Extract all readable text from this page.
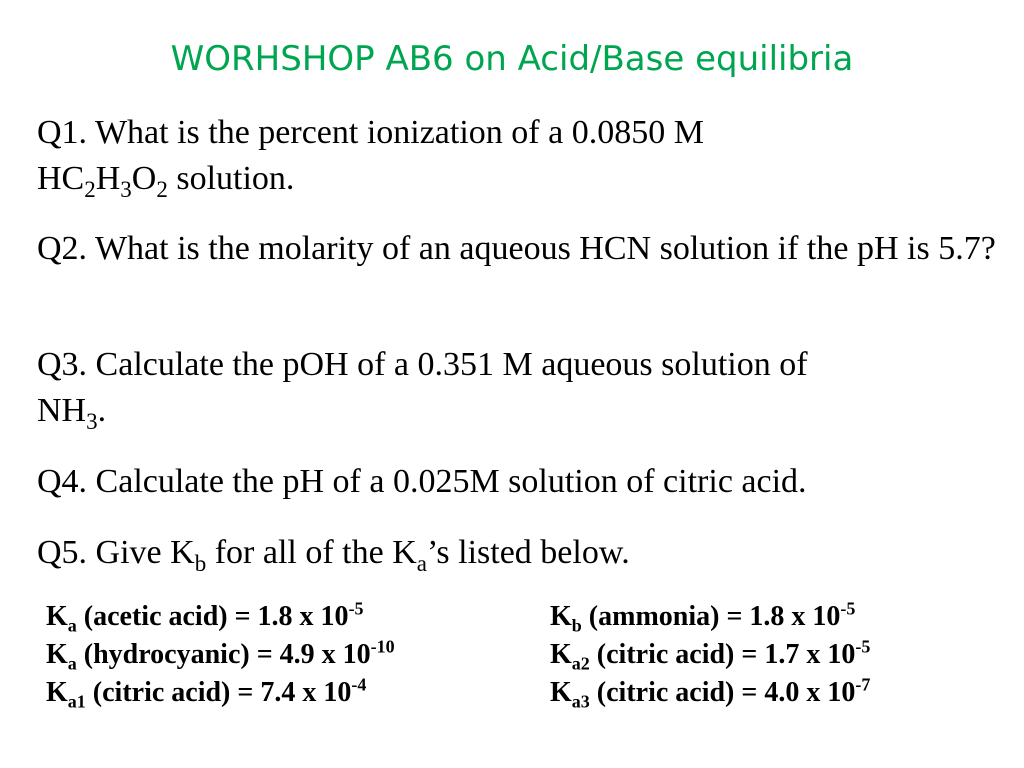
WORHSHOP AB6 on Acid/Base equilibria
Q1. What is the percent ionization of a 0.0850 M
$HC_2H_3O_2$ solution.
Q2. What is the molarity of an aqueous HCN solution if the pH is 5.7?
Q3. Calculate the pOH of a 0.351 M aqueous solution of
$NH_3$.
Q4. Calculate the pH of a 0.025M solution of citric acid.
Q5. Give $K_b$ for all of the $K_a’s$ listed below.
$K_a$ (acetic acid) = 1.8 x $10^{-5}$
$K_a$ (hydrocyanic) = 4.9 x $10^{-10}$
$K_{a1}$ (citric acid) = 7.4 x $10^{-4}$
$K_b$ (ammonia) = 1.8 x $10^{-5}$
$K_{a2}$ (citric acid) = 1.7 x $10^{-5}$
$K_{a3}$ (citric acid) = 4.0 x $10^{-7}$
